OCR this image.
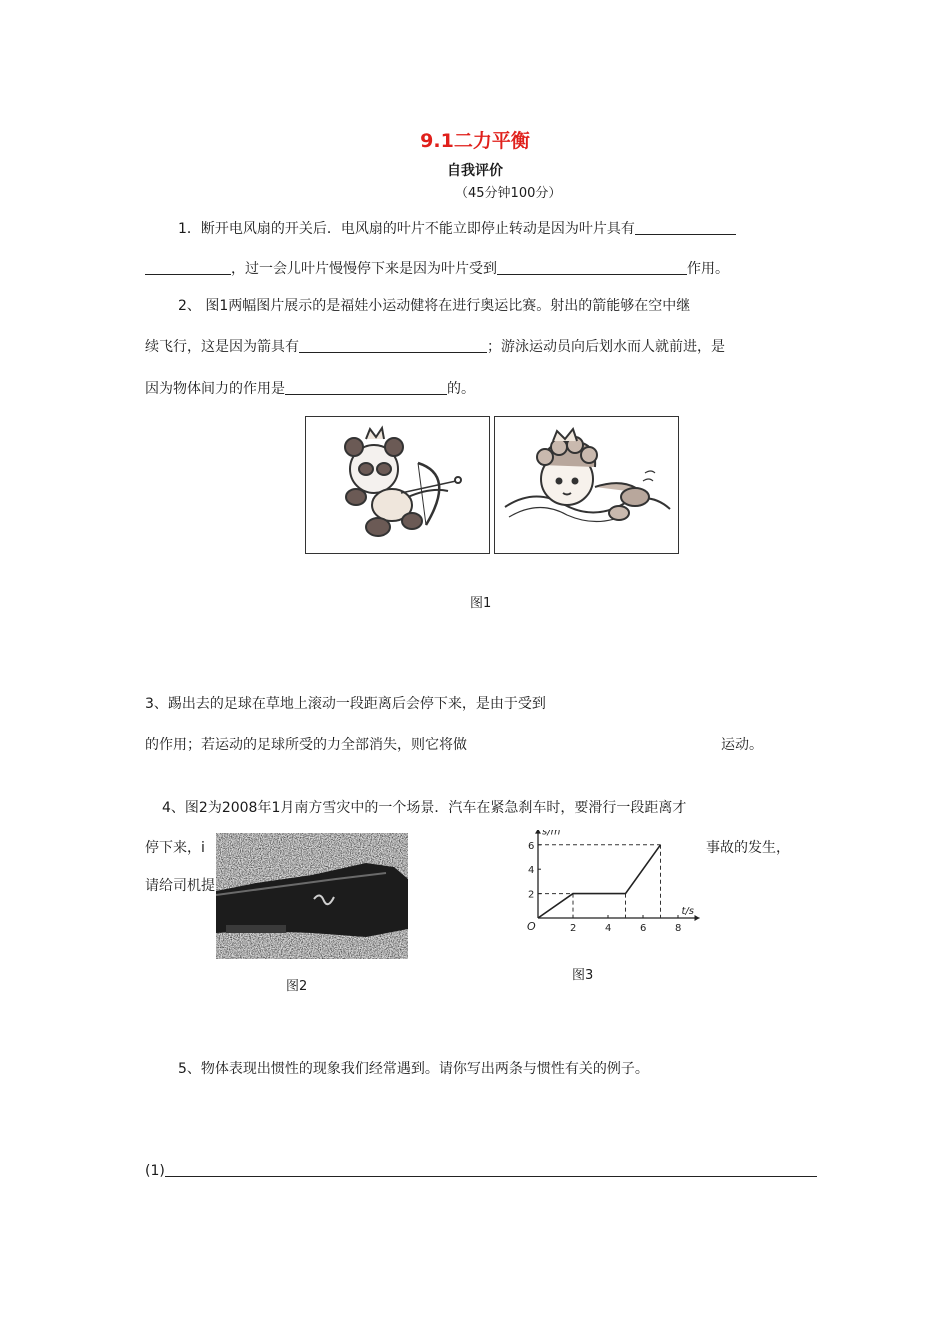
9.1二力平衡
自我评价
（45分钟100分）
1．断开电风扇的开关后．电风扇的叶片不能立即停止转动是因为叶片具有
，过一会儿叶片慢慢停下来是因为叶片受到	作用。
2、 图1两幅图片展示的是福娃小运动健将在进行奥运比赛。射出的箭能够在空中继
续飞行，这是因为箭具有	；游泳运动员向后划水而人就前进，是
因为物体间力的作用是	的。
图1
3、踢出去的足球在草地上滚动一段距离后会停下来，是由于受到
的作用；若运动的足球所受的力全部消失，则它将做	运动。
4、图2为2008年1月南方雪灾中的一个场景．汽车在紧急刹车时，要滑行一段距离才
停下来，i	事故的发生，
请给司机提
图2
s/m
t/s
O
2
4
6
2	4	6	8
图3
5、物体表现出惯性的现象我们经常遇到。请你写出两条与惯性有关的例子。
(1)
